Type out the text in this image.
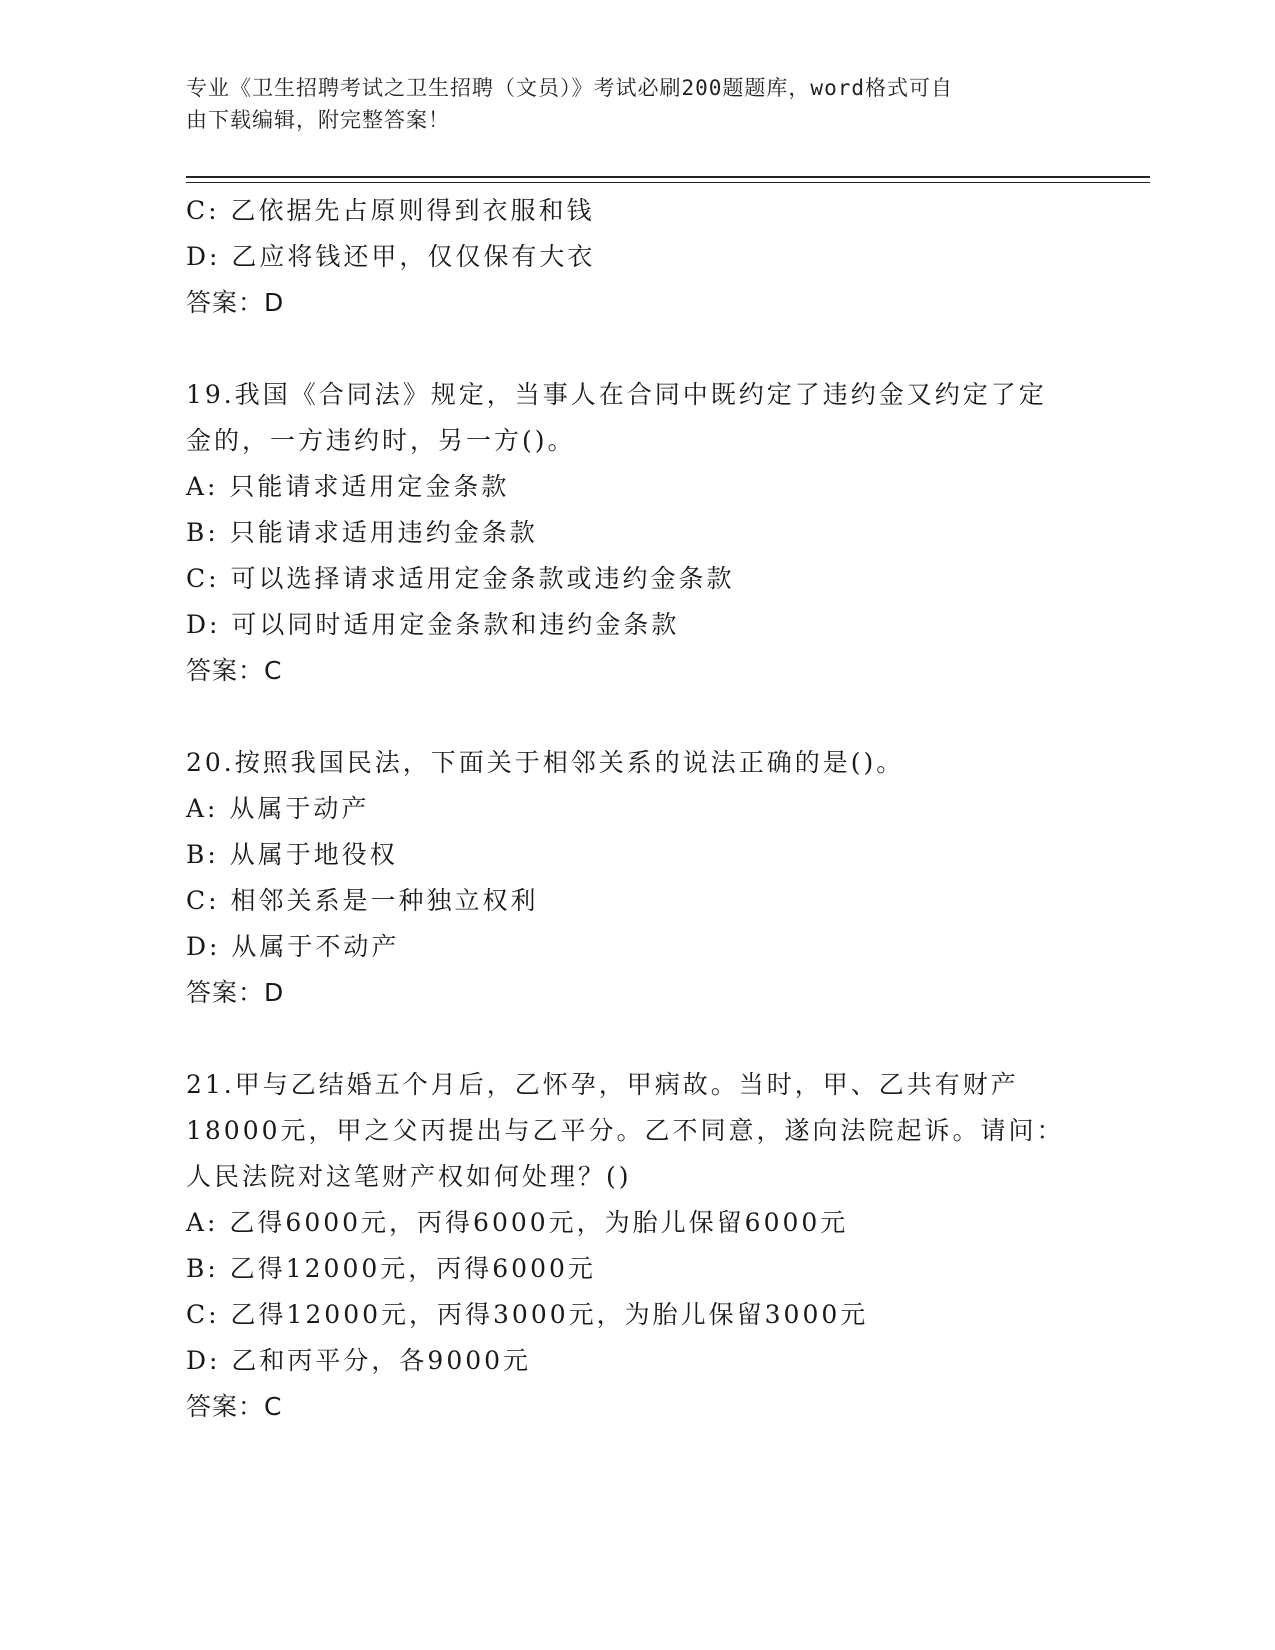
专业《卫生招聘考试之卫生招聘（文员）》考试必刷200题题库，word格式可自
由下载编辑，附完整答案！
C: 乙依据先占原则得到衣服和钱
D: 乙应将钱还甲，仅仅保有大衣
答案：D
19.我国《合同法》规定，当事人在合同中既约定了违约金又约定了定
金的，一方违约时，另一方()。
A: 只能请求适用定金条款
B: 只能请求适用违约金条款
C: 可以选择请求适用定金条款或违约金条款
D: 可以同时适用定金条款和违约金条款
答案：C
20.按照我国民法，下面关于相邻关系的说法正确的是()。
A: 从属于动产
B: 从属于地役权
C: 相邻关系是一种独立权利
D: 从属于不动产
答案：D
21.甲与乙结婚五个月后，乙怀孕，甲病故。当时，甲、乙共有财产
18000元，甲之父丙提出与乙平分。乙不同意，遂向法院起诉。请问：
人民法院对这笔财产权如何处理？()
A: 乙得6000元，丙得6000元，为胎儿保留6000元
B: 乙得12000元，丙得6000元
C: 乙得12000元，丙得3000元，为胎儿保留3000元
D: 乙和丙平分，各9000元
答案：C
